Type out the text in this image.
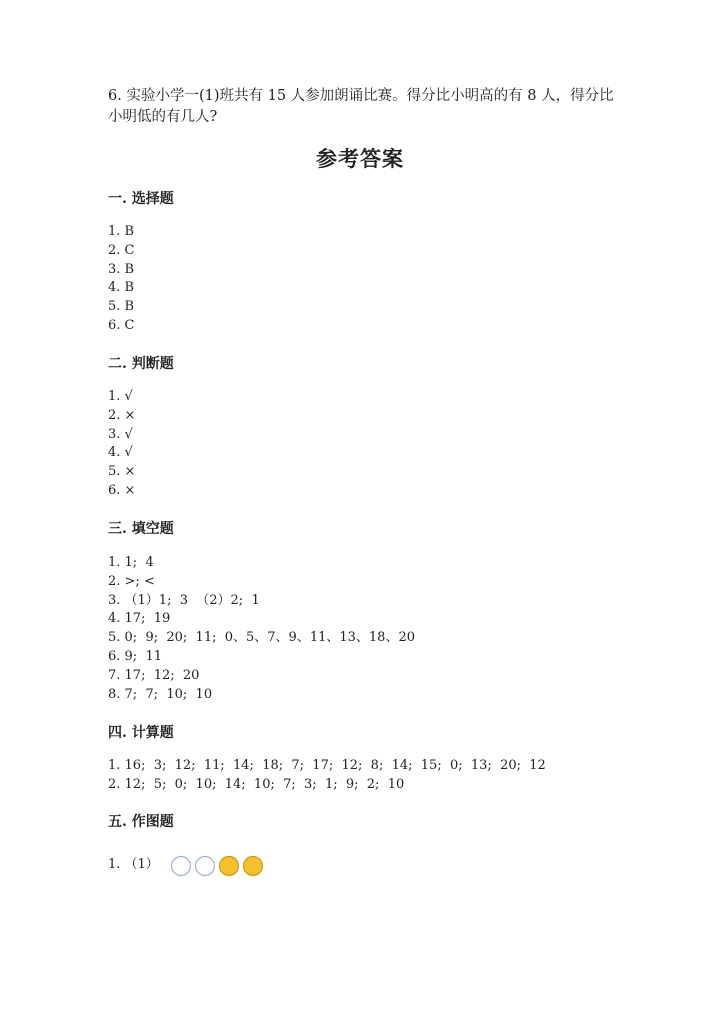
6. 实验小学一(1)班共有 15 人参加朗诵比赛。得分比小明高的有 8 人，得分比小明低的有几人?
参考答案
一. 选择题
1. B
2. C
3. B
4. B
5. B
6. C
二. 判断题
1. √
2. ×
3. √
4. √
5. ×
6. ×
三. 填空题
1. 1;  4
2. >; <
3. （1）1;  3  （2）2;  1
4. 17;  19
5. 0;  9;  20;  11;  0、5、7、9、11、13、18、20
6. 9;  11
7. 17;  12;  20
8. 7;  7;  10;  10
四. 计算题
1. 16;  3;  12;  11;  14;  18;  7;  17;  12;  8;  14;  15;  0;  13;  20;  12
2. 12;  5;  0;  10;  14;  10;  7;  3;  1;  9;  2;  10
五. 作图题
1. （1）
